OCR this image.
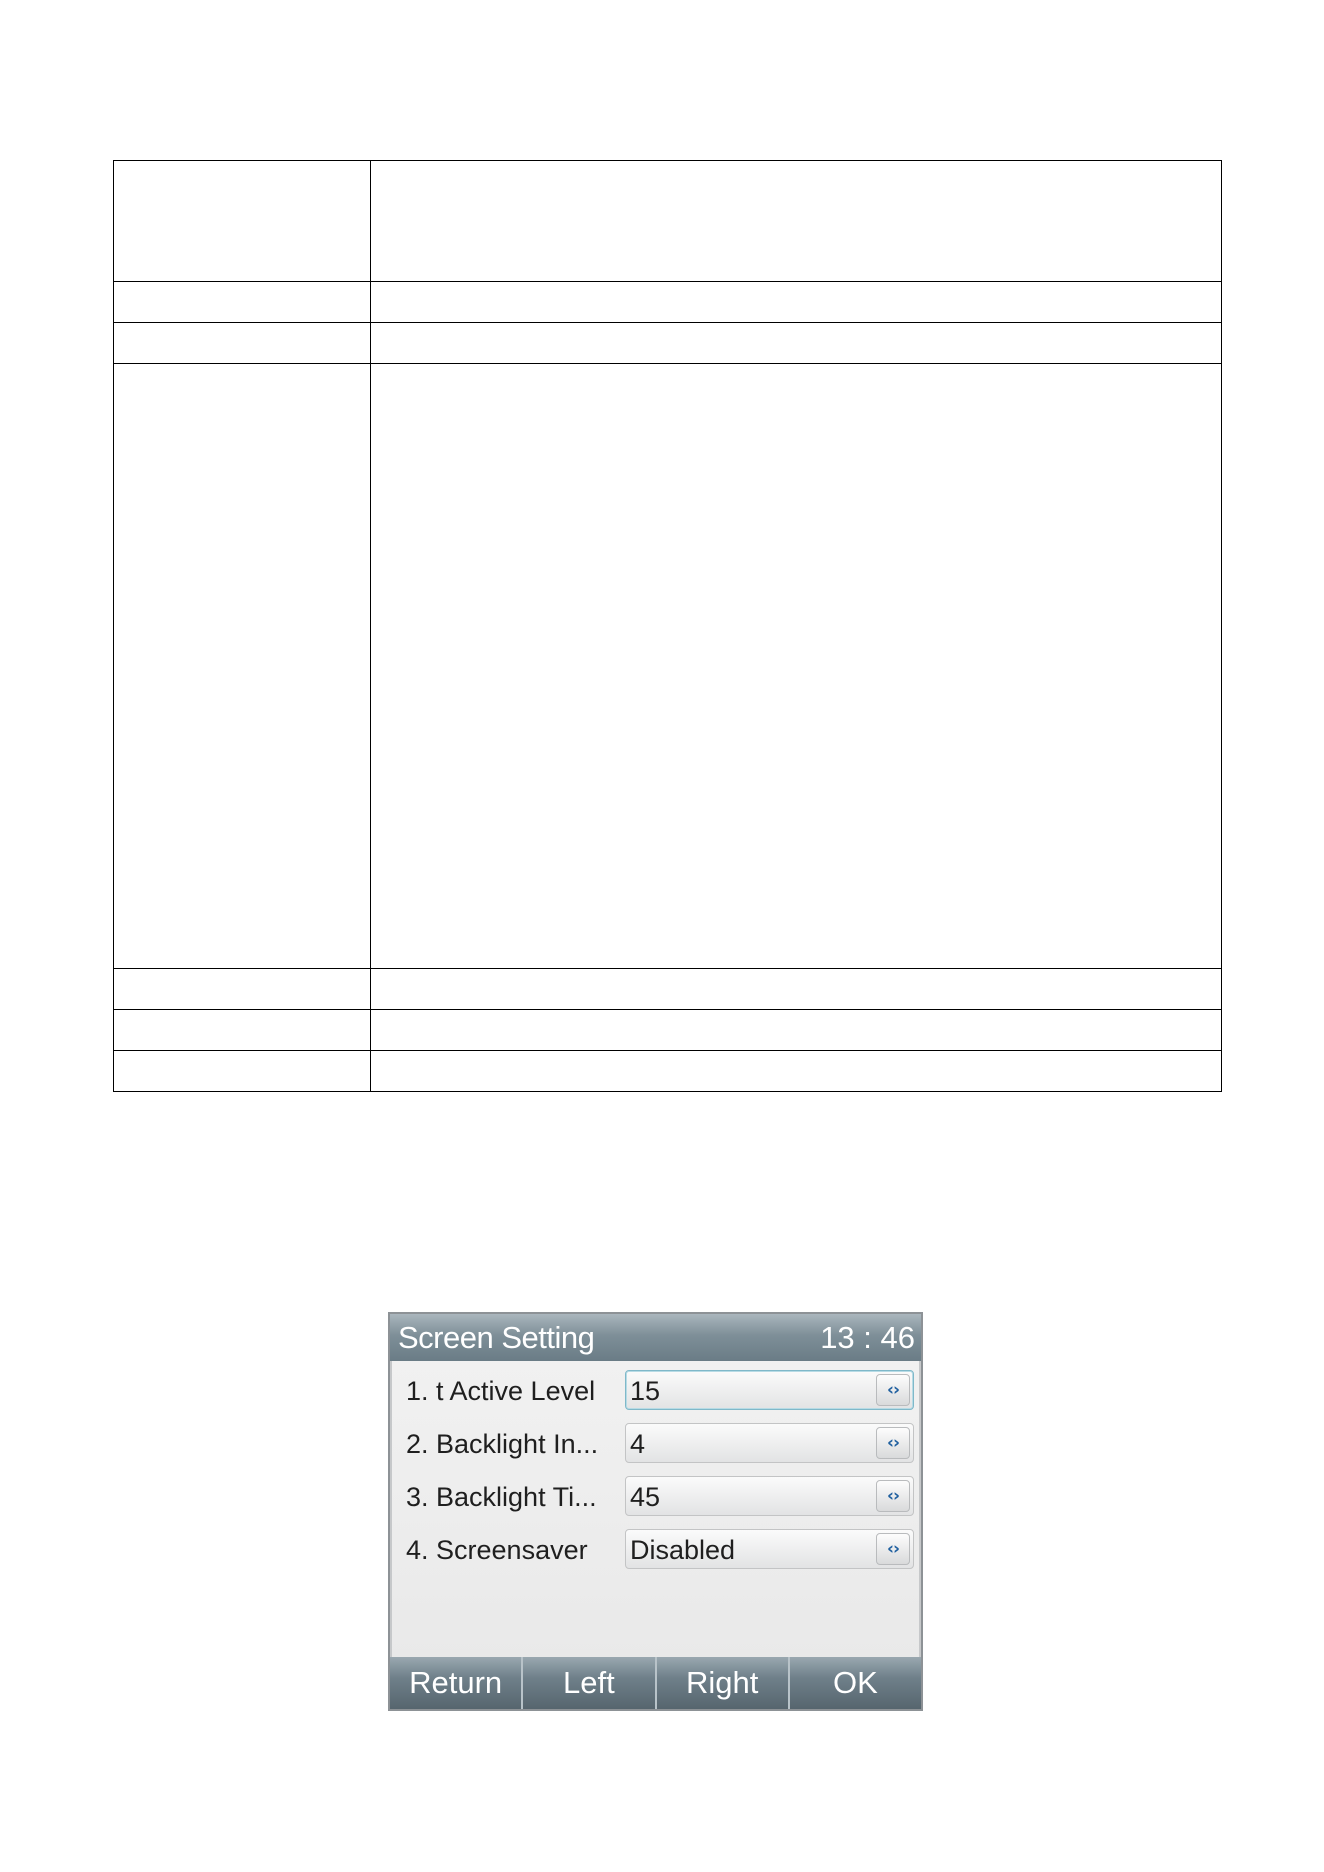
Screen Setting	13 : 46
1. t Active Level	15	‹›
2. Backlight In...	4	‹›
3. Backlight Ti...	45	‹›
4. Screensaver	Disabled	‹›
Return	Left	Right	OK
